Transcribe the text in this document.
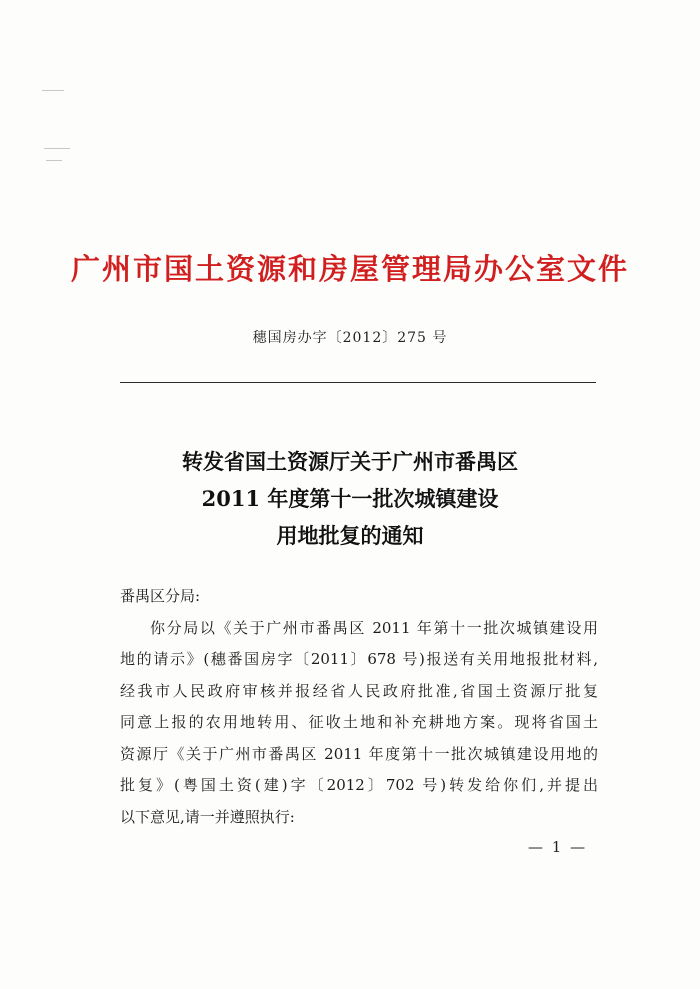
广州市国土资源和房屋管理局办公室文件
穗国房办字〔2012〕275 号
转发省国土资源厅关于广州市番禺区
2011 年度第十一批次城镇建设
用地批复的通知
番禺区分局:
你分局以《关于广州市番禺区 2011 年第十一批次城镇建设用
地的请示》(穗番国房字〔2011〕678 号)报送有关用地报批材料,
经我市人民政府审核并报经省人民政府批准,省国土资源厅批复
同意上报的农用地转用、征收土地和补充耕地方案。现将省国土
资源厅《关于广州市番禺区 2011 年度第十一批次城镇建设用地的
批复》(粤国土资(建)字〔2012〕702 号)转发给你们,并提出
以下意见,请一并遵照执行:
— 1 —
